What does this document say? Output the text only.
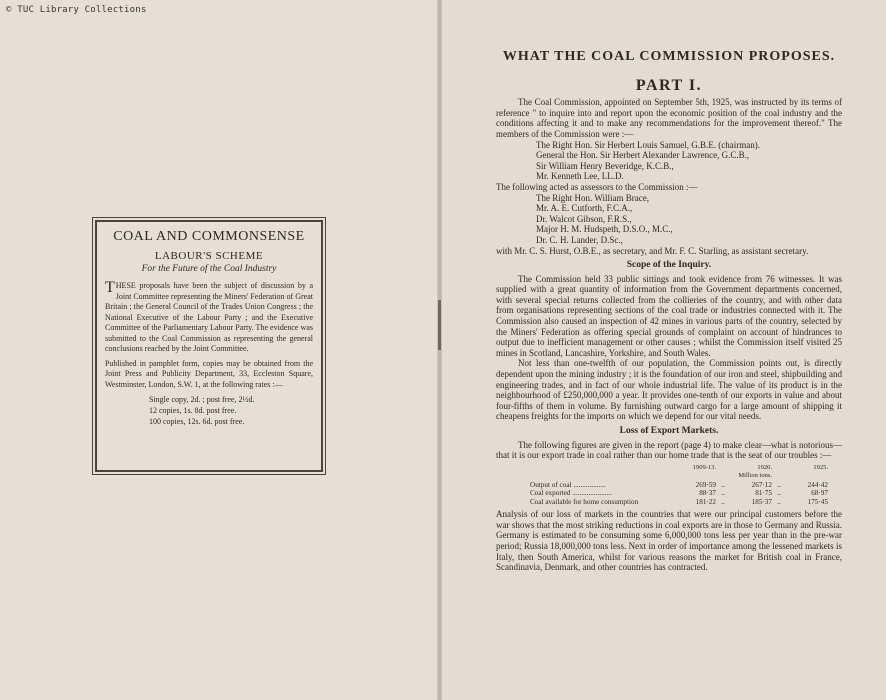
© TUC Library Collections
COAL AND COMMONSENSE
LABOUR'S SCHEME
For the Future of the Coal Industry

THESE proposals have been the subject of discussion by a Joint Committee representing the Miners' Federation of Great Britain ; the General Council of the Trades Union Congress ; the National Executive of the Labour Party ; and the Executive Committee of the Parliamentary Labour Party. The evidence was submitted to the Coal Commission as representing the general conclusions reached by the Joint Committee.

Published in pamphlet form, copies may be obtained from the Joint Press and Publicity Department, 33, Eccleston Square, Westminster, London, S.W. 1, at the following rates :—

Single copy, 2d. ; post free, 2½d.
12 copies, 1s. 8d. post free.
100 copies, 12s. 6d. post free.
WHAT THE COAL COMMISSION PROPOSES.
PART I.

The Coal Commission, appointed on September 5th, 1925, was instructed by its terms of reference " to inquire into and report upon the economic position of the coal industry and the conditions affecting it and to make any recommendations for the improvement thereof." The members of the Commission were :—

The Right Hon. Sir Herbert Louis Samuel, G.B.E. (chairman).
General the Hon. Sir Herbert Alexander Lawrence, G.C.B.,
Sir William Henry Beveridge, K.C.B.,
Mr. Kenneth Lee, LL.D.

The following acted as assessors to the Commission :—

The Right Hon. William Brace,
Mr. A. E. Cutforth, F.C.A.,
Dr. Walcot Gibson, F.R.S.,
Major H. M. Hudspeth, D.S.O., M.C.,
Dr. C. H. Lander, D.Sc.,

with Mr. C. S. Hurst, O.B.E., as secretary, and Mr. F. C. Starling, as assistant secretary.

Scope of the Inquiry.

The Commission held 33 public sittings and took evidence from 76 witnesses. It was supplied with a great quantity of information from the Government departments concerned, with several special returns collected from the collieries of the country, and with other data from organisations representing sections of the coal trade or industries connected with it. The Commission also caused an inspection of 42 mines in various parts of the country, selected by the Miners' Federation as offering special grounds of complaint on account of hindrances to output due to inefficient management or other causes ; whilst the Commission itself visited 25 mines in Scotland, Lancashire, Yorkshire, and South Wales.

Not less than one-twelfth of our population, the Commission points out, is directly dependent upon the mining industry ; it is the foundation of our iron and steel, shipbuilding and engineering trades, and in fact of our whole industrial life. The value of its product is in the neighbourhood of £250,000,000 a year. It provides one-tenth of our exports in value and about four-fifths of them in volume. By furnishing outward cargo for a large amount of shipping it cheapens freights for the imports on which we depend for our vital needs.

Loss of Export Markets.

The following figures are given in the report (page 4) to make clear—what is notorious—that it is our export trade in coal rather than our home trade that is the seat of our troubles :—

1909-13.	1920.	1925.
Million tons.
Output of coal ..................	269·59 ..	267·12 ..	244·42
Coal exported ......................	88·37 ..	81·75 ..	68·97
Coal available for home consumption	181·22 ..	185·37 ..	175·45

Analysis of our loss of markets in the countries that were our principal customers before the war shows that the most striking reductions in coal exports are in those to Germany and Russia. Germany is estimated to be consuming some 6,000,000 tons less per year than in the pre-war period; Russia 18,000,000 tons less. Next in order of importance among the lessened markets is Italy, then South America, whilst for various reasons the market for British coal in France, Scandinavia, Denmark, and other countries has contracted.
